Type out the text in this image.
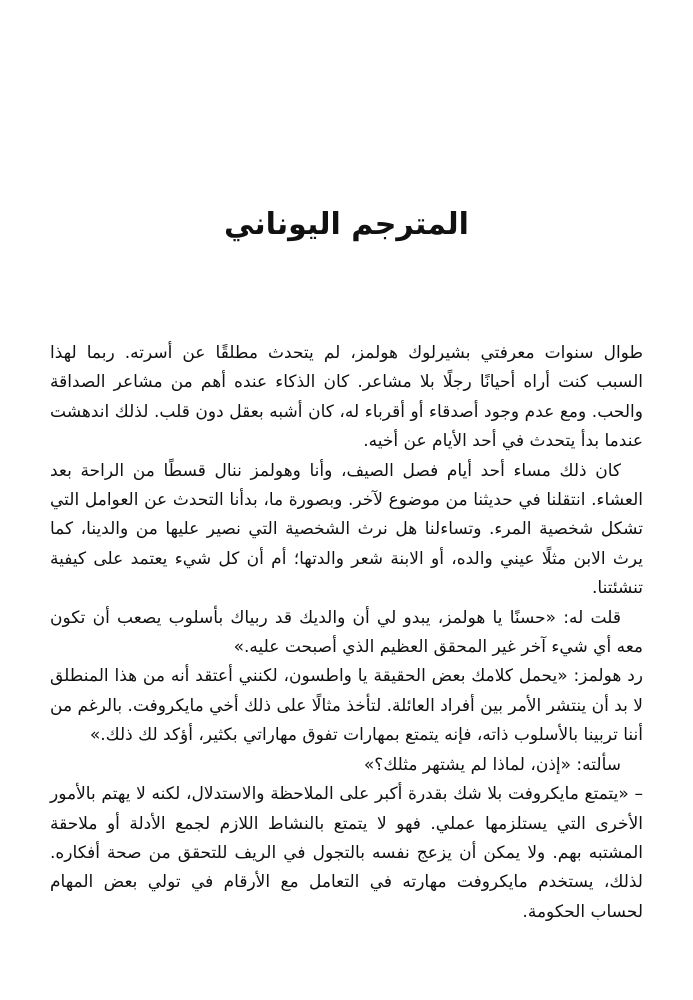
المترجم اليوناني

طوال سنوات معرفتي بشيرلوك هولمز، لم يتحدث مطلقًا عن أسرته. ربما لهذا السبب كنت أراه أحيانًا رجلًا بلا مشاعر. كان الذكاء عنده أهم من مشاعر الصداقة والحب. ومع عدم وجود أصدقاء أو أقرباء له، كان أشبه بعقل دون قلب. لذلك اندهشت عندما بدأ يتحدث في أحد الأيام عن أخيه.

كان ذلك مساء أحد أيام فصل الصيف، وأنا وهولمز ننال قسطًا من الراحة بعد العشاء. انتقلنا في حديثنا من موضوع لآخر. وبصورة ما، بدأنا التحدث عن العوامل التي تشكل شخصية المرء. وتساءلنا هل نرث الشخصية التي نصير عليها من والدينا، كما يرث الابن مثلًا عيني والده، أو الابنة شعر والدتها؛ أم أن كل شيء يعتمد على كيفية تنشئتنا.

قلت له: «حسنًا يا هولمز، يبدو لي أن والديك قد ربياك بأسلوب يصعب أن تكون معه أي شيء آخر غير المحقق العظيم الذي أصبحت عليه.»

رد هولمز: «يحمل كلامك بعض الحقيقة يا واطسون، لكنني أعتقد أنه من هذا المنطلق لا بد أن ينتشر الأمر بين أفراد العائلة. لتأخذ مثالًا على ذلك أخي مايكروفت. بالرغم من أننا تربينا بالأسلوب ذاته، فإنه يتمتع بمهارات تفوق مهاراتي بكثير، أؤكد لك ذلك.»

سألته: «إذن، لماذا لم يشتهر مثلك؟»

– «يتمتع مايكروفت بلا شك بقدرة أكبر على الملاحظة والاستدلال، لكنه لا يهتم بالأمور الأخرى التي يستلزمها عملي. فهو لا يتمتع بالنشاط اللازم لجمع الأدلة أو ملاحقة المشتبه بهم. ولا يمكن أن يزعج نفسه بالتجول في الريف للتحقق من صحة أفكاره. لذلك، يستخدم مايكروفت مهارته في التعامل مع الأرقام في تولي بعض المهام لحساب الحكومة.
